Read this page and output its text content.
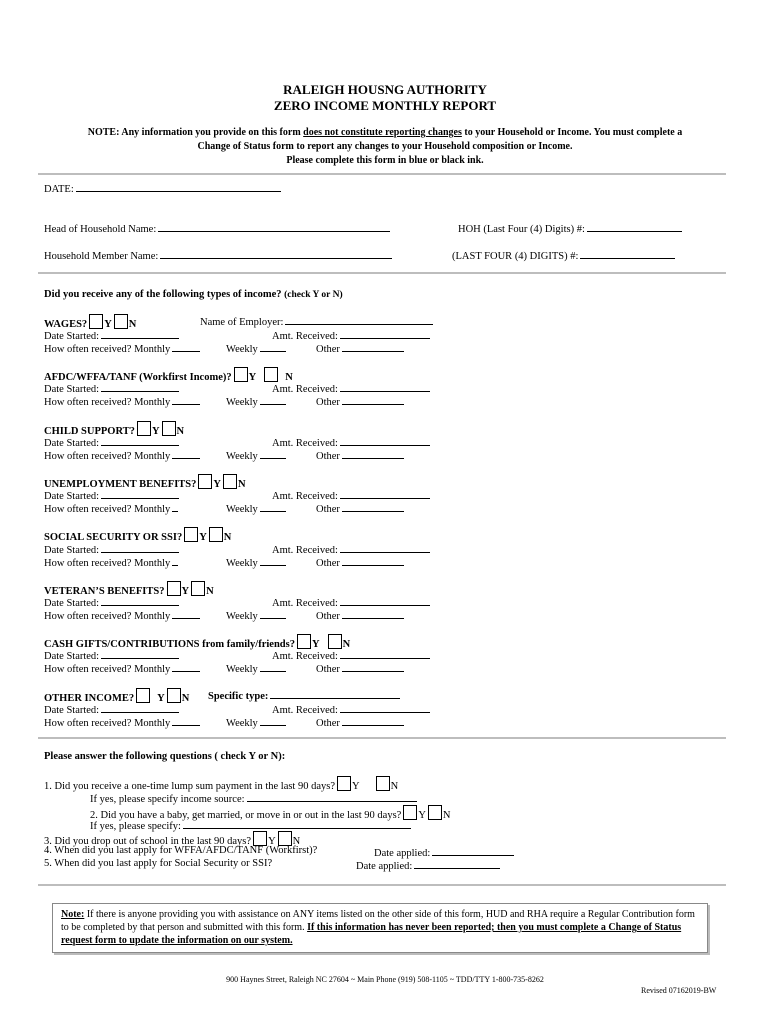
RALEIGH HOUSNG AUTHORITY
ZERO INCOME MONTHLY REPORT
NOTE: Any information you provide on this form does not constitute reporting changes to your Household or Income. You must complete a
Change of Status form to report any changes to your Household composition or Income.
Please complete this form in blue or black ink.
DATE:
Head of Household Name:	HOH (Last Four (4) Digits) #:
Household Member Name:	(LAST FOUR (4) DIGITS) #:
Did you receive any of the following types of income? (check Y or N)
WAGES? Y N	Name of Employer:
Date Started:	Amt. Received:
How often received? Monthly	Weekly	Other
AFDC/WFFA/TANF (Workfirst Income)? Y	N
Date Started:	Amt. Received:
How often received? Monthly	Weekly	Other
CHILD SUPPORT? Y N
Date Started:	Amt. Received:
How often received? Monthly	Weekly	Other
UNEMPLOYMENT BENEFITS? Y N
Date Started:	Amt. Received:
How often received? Monthly	Weekly	Other
SOCIAL SECURITY OR SSI? Y N
Date Started:	Amt. Received:
How often received? Monthly	Weekly	Other
VETERAN’S BENEFITS? Y N
Date Started:	Amt. Received:
How often received? Monthly	Weekly	Other
CASH GIFTS/CONTRIBUTIONS from family/friends? Y N
Date Started:	Amt. Received:
How often received? Monthly	Weekly	Other
OTHER INCOME? Y N Specific type:
Date Started:	Amt. Received:
How often received? Monthly	Weekly	Other
Please answer the following questions ( check Y or N):
1. Did you receive a one-time lump sum payment in the last 90 days? Y	N
If yes, please specify income source:
2. Did you have a baby, get married, or move in or out in the last 90 days? Y N
If yes, please specify:
3. Did you drop out of school in the last 90 days? Y N
4. When did you last apply for WFFA/AFDC/TANF (Workfirst)?	Date applied:
5. When did you last apply for Social Security or SSI?	Date applied:
Note: If there is anyone providing you with assistance on ANY items listed on the other side of this form, HUD and RHA require a Regular Contribution form to be completed by that person and submitted with this form. If this information has never been reported; then you must complete a Change of Status request form to update the information on our system.
900 Haynes Street, Raleigh NC 27604 ~ Main Phone (919) 508-1105 ~ TDD/TTY 1-800-735-8262
Revised 07162019-BW
